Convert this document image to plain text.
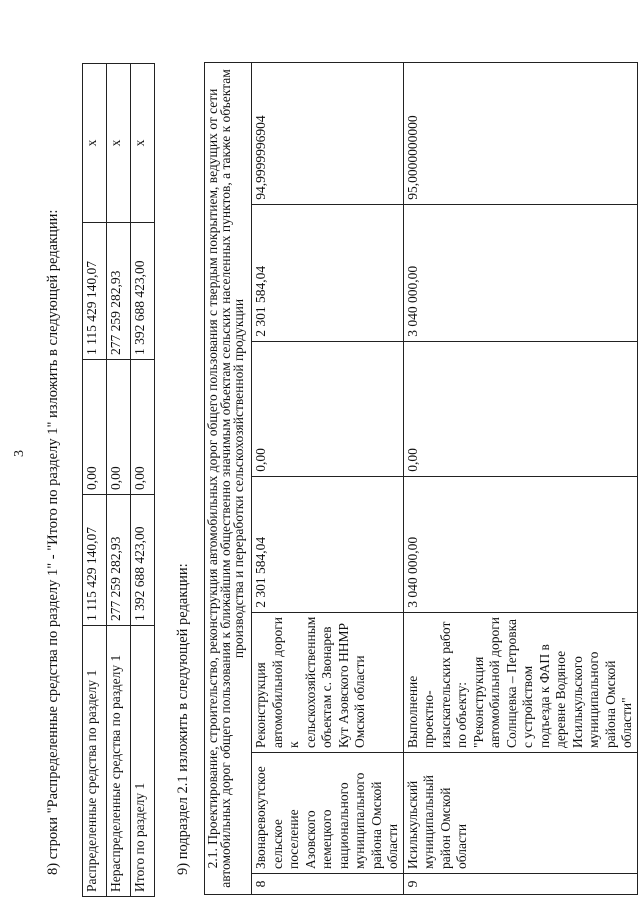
3 8) строки "Распределенные средства по разделу 1" - "Итого по разделу 1" изложить в следующей редакции: Распределенные средства по разделу 1	1 115 429 140,07	0,00	1 115 429 140,07	x
Нераспределенные средства по разделу 1	277 259 282,93	0,00	277 259 282,93	x
Итого по разделу 1	1 392 688 423,00	0,00	1 392 688 423,00	x
9) подраздел 2.1 изложить в следующей редакции: 2.1. Проектирование, строительство, реконструкция автомобильных дорог общего пользования с твердым покрытием, ведущих от сети автомобильных дорог общего пользования к ближайшим общественно значимым объектам сельских населенных пунктов, а также к объектам производства и переработки сельскохозяйственной продукции						
8	Звонаревокутское сельское поселение Азовского немецкого национального муниципального района Омской области	Реконструкция автомобильной дороги к сельскохозяйственным объектам с. Звонарев Кут Азовского ННМР Омской области	2 301 584,04	0,00	2 301 584,04	94,9999996904
9	Исилькульский муниципальный район Омской области	Выполнение проектно-изыскательских работ по объекту: "Реконструкция автомобильной дороги Солнцевка – Петровка с устройством подъезда к ФАП в деревне Водяное Исилькульского муниципального района Омской области"	3 040 000,00	0,00	3 040 000,00	95,0000000000
